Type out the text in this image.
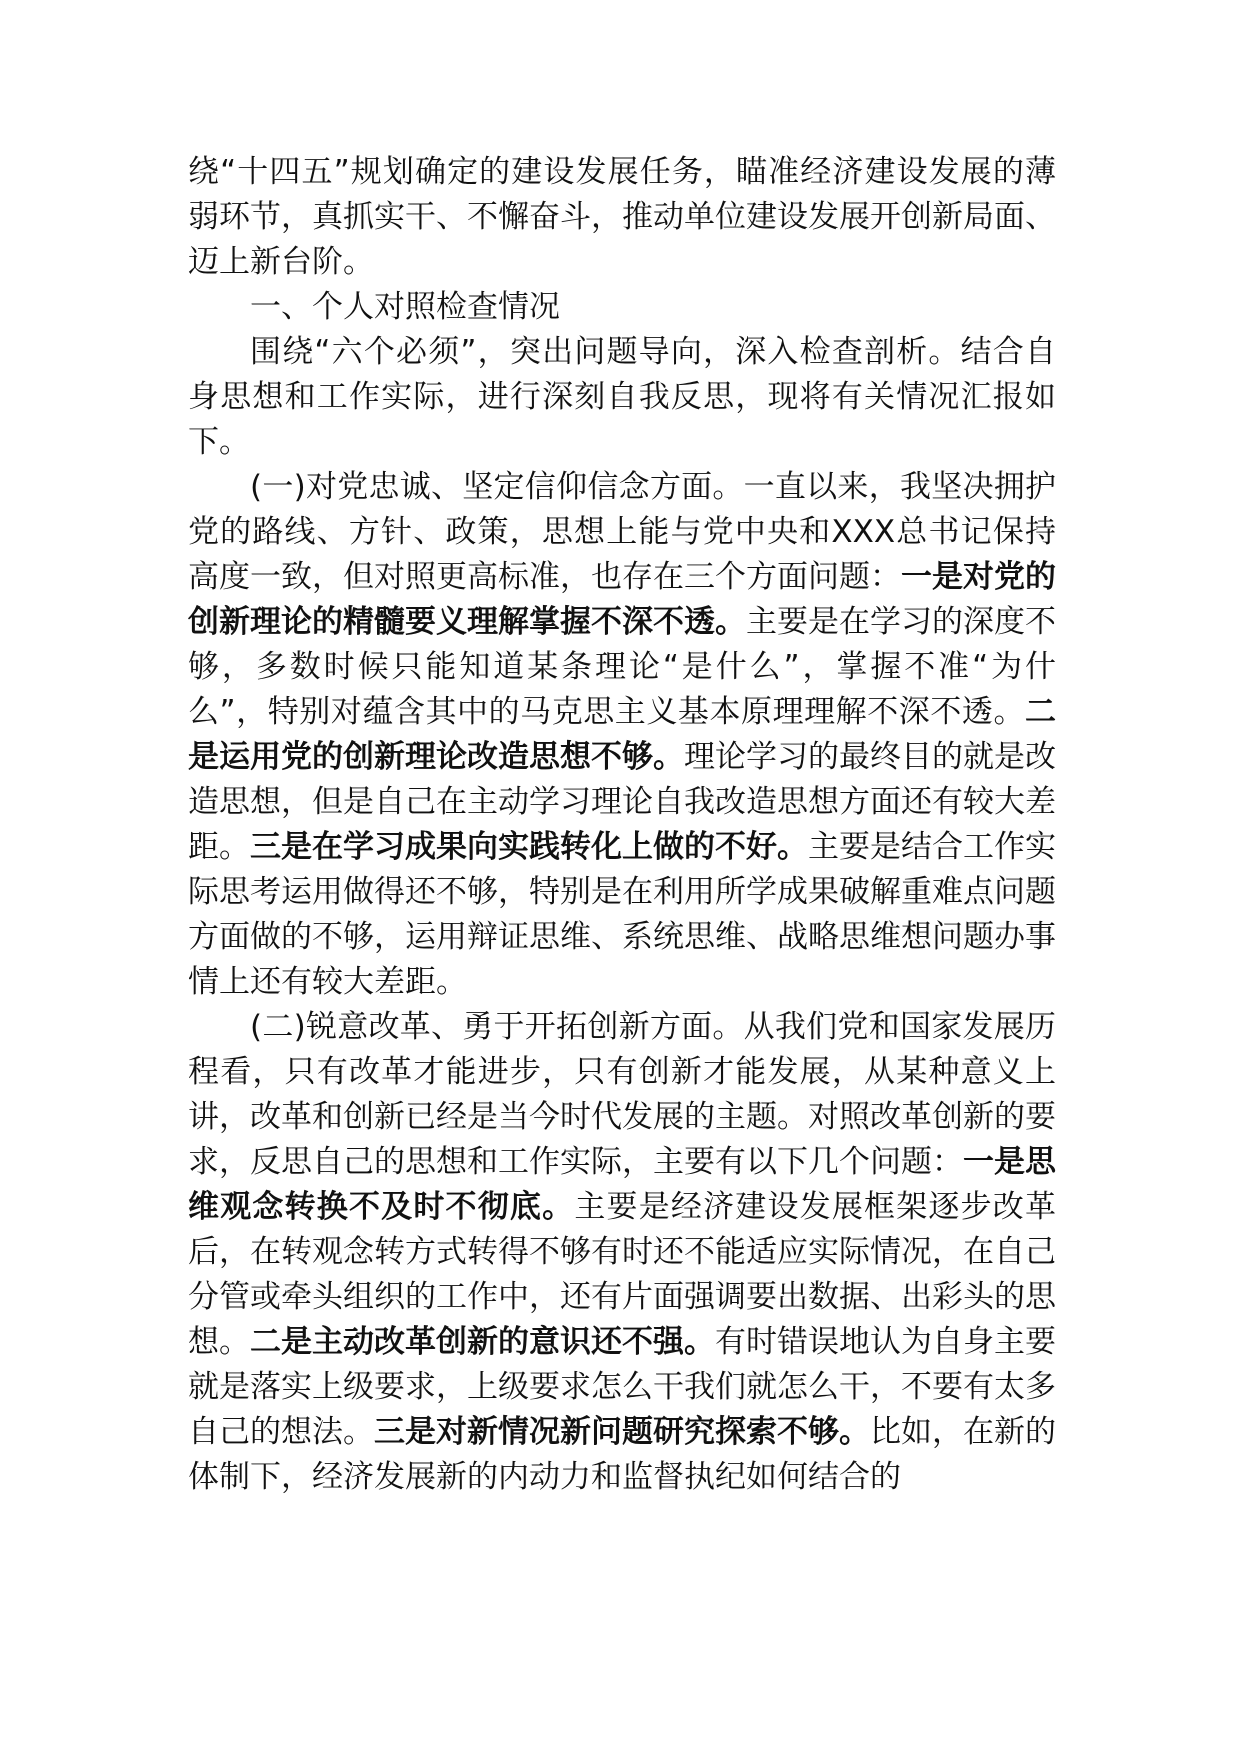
绕“十四五”规划确定的建设发展任务，瞄准经济建设发展的薄弱环节，真抓实干、不懈奋斗，推动单位建设发展开创新局面、迈上新台阶。

一、个人对照检查情况

围绕“六个必须”，突出问题导向，深入检查剖析。结合自身思想和工作实际，进行深刻自我反思，现将有关情况汇报如下。

(一)对党忠诚、坚定信仰信念方面。一直以来，我坚决拥护党的路线、方针、政策，思想上能与党中央和XXX总书记保持高度一致，但对照更高标准，也存在三个方面问题：一是对党的创新理论的精髓要义理解掌握不深不透。主要是在学习的深度不够，多数时候只能知道某条理论“是什么”，掌握不准“为什么”，特别对蕴含其中的马克思主义基本原理理解不深不透。二是运用党的创新理论改造思想不够。理论学习的最终目的就是改造思想，但是自己在主动学习理论自我改造思想方面还有较大差距。三是在学习成果向实践转化上做的不好。主要是结合工作实际思考运用做得还不够，特别是在利用所学成果破解重难点问题方面做的不够，运用辩证思维、系统思维、战略思维想问题办事情上还有较大差距。

(二)锐意改革、勇于开拓创新方面。从我们党和国家发展历程看，只有改革才能进步，只有创新才能发展，从某种意义上讲，改革和创新已经是当今时代发展的主题。对照改革创新的要求，反思自己的思想和工作实际，主要有以下几个问题：一是思维观念转换不及时不彻底。主要是经济建设发展框架逐步改革后，在转观念转方式转得不够有时还不能适应实际情况，在自己分管或牵头组织的工作中，还有片面强调要出数据、出彩头的思想。二是主动改革创新的意识还不强。有时错误地认为自身主要就是落实上级要求，上级要求怎么干我们就怎么干，不要有太多自己的想法。三是对新情况新问题研究探索不够。比如，在新的体制下，经济发展新的内动力和监督执纪如何结合的
